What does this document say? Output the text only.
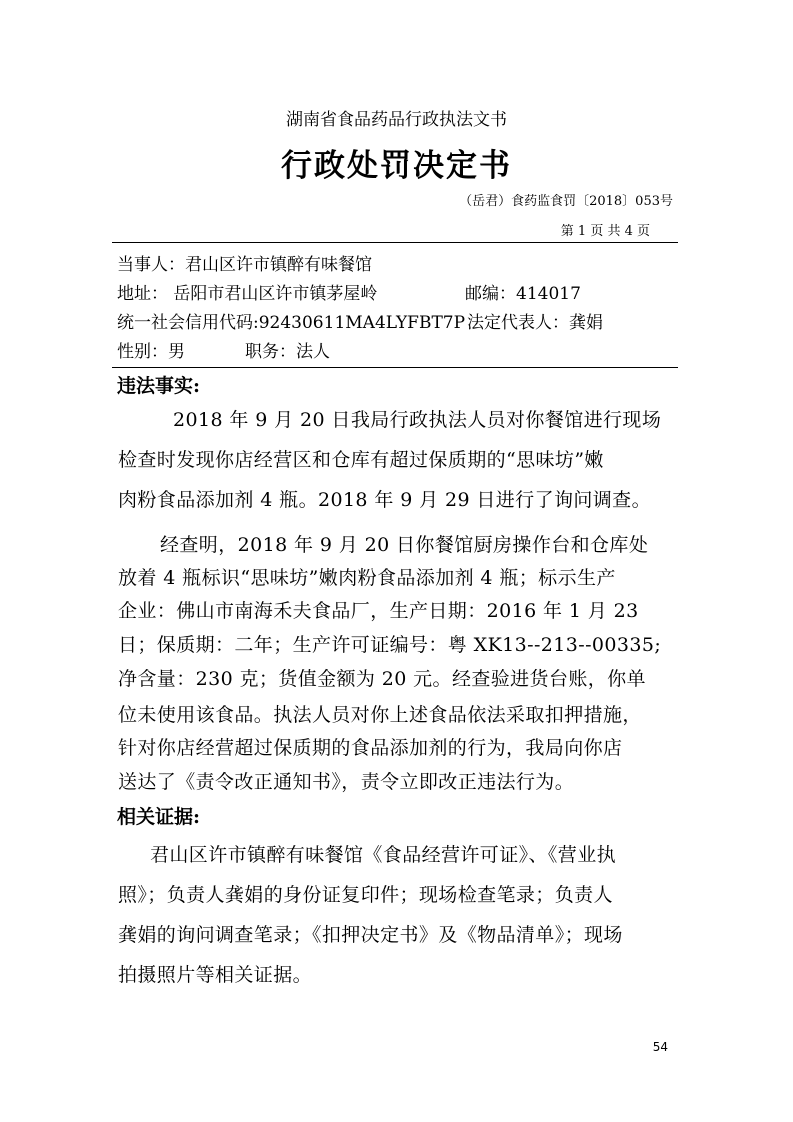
湖南省食品药品行政执法文书
行政处罚决定书
（岳君）食药监食罚〔2018〕053号
第 1 页 共 4 页
当事人：君山区许市镇醉有味餐馆
地址： 岳阳市君山区许市镇茅屋岭	邮编：414017
统一社会信用代码:92430611MA4LYFBT7P 法定代表人：龚娟
性别：男	职务：法人
违法事实:
2018 年 9 月 20 日我局行政执法人员对你餐馆进行现场
检查时发现你店经营区和仓库有超过保质期的“思味坊”嫩
肉粉食品添加剂 4 瓶。2018 年 9 月 29 日进行了询问调查。
经查明，2018 年 9 月 20 日你餐馆厨房操作台和仓库处
放着 4 瓶标识“思味坊”嫩肉粉食品添加剂 4 瓶；标示生产
企业：佛山市南海禾夫食品厂，生产日期：2016 年 1 月 23
日；保质期：二年；生产许可证编号：粤 XK13--213--00335;
净含量：230 克；货值金额为 20 元。经查验进货台账，你单
位未使用该食品。执法人员对你上述食品依法采取扣押措施，
针对你店经营超过保质期的食品添加剂的行为，我局向你店
送达了《责令改正通知书》，责令立即改正违法行为。
相关证据:
君山区许市镇醉有味餐馆《食品经营许可证》、《营业执
照》；负责人龚娟的身份证复印件；现场检查笔录；负责人
龚娟的询问调查笔录；《扣押决定书》及《物品清单》；现场
拍摄照片等相关证据。
54
